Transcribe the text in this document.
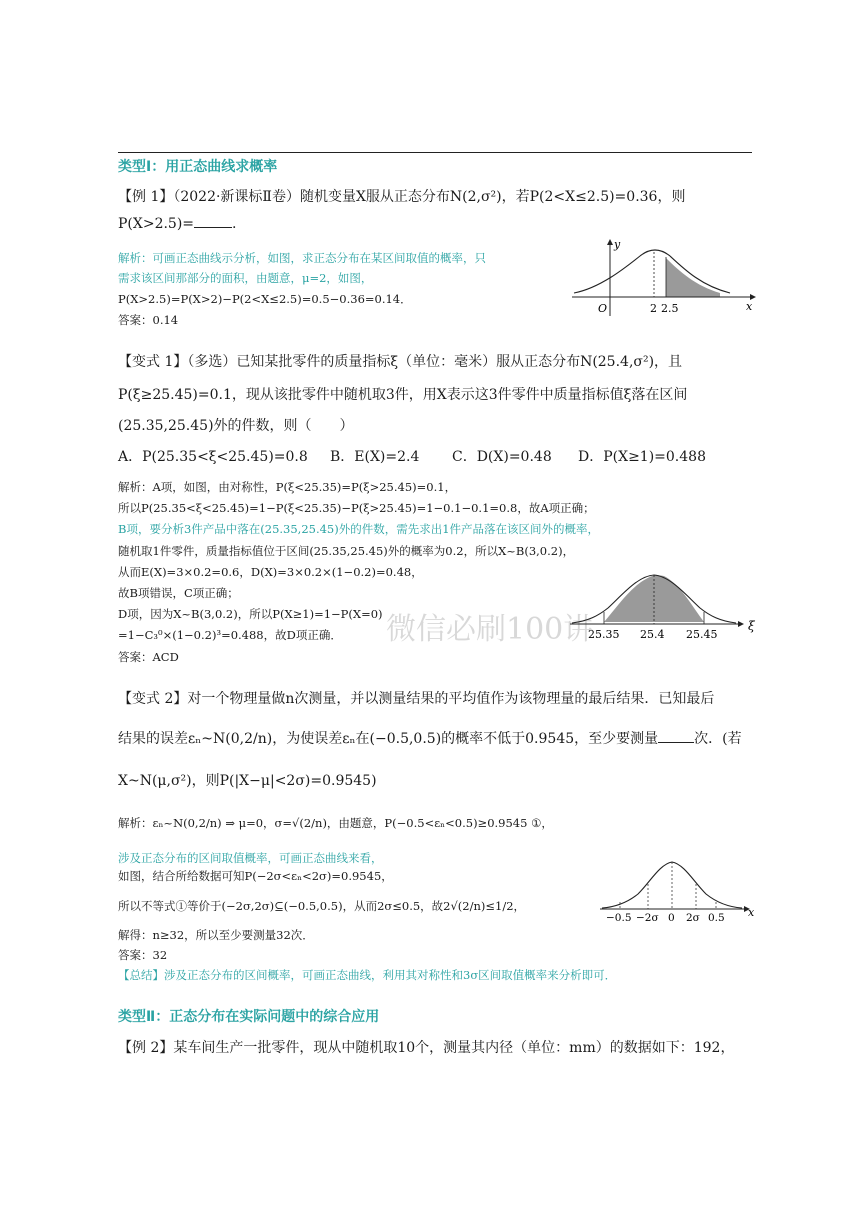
类型Ⅰ：用正态曲线求概率
【例 1】（2022·新课标Ⅱ卷）随机变量X服从正态分布N(2,σ²)，若P(2<X≤2.5)=0.36，则
P(X>2.5)=	.
解析：可画正态曲线示分析，如图，求正态分布在某区间取值的概率，只
需求该区间那部分的面积，由题意，μ=2，如图，
P(X>2.5)=P(X>2)−P(2<X≤2.5)=0.5−0.36=0.14．
答案：0.14
y
x
O	2 2.5
【变式 1】（多选）已知某批零件的质量指标ξ（单位：毫米）服从正态分布N(25.4,σ²)，且
P(ξ≥25.45)=0.1，现从该批零件中随机取3件，用X表示这3件零件中质量指标值ξ落在区间
(25.35,25.45)外的件数，则（　　）
A．P(25.35<ξ<25.45)=0.8 B．E(X)=2.4 C．D(X)=0.48 D．P(X≥1)=0.488
解析：A项，如图，由对称性，P(ξ<25.35)=P(ξ>25.45)=0.1，
所以P(25.35<ξ<25.45)=1−P(ξ<25.35)−P(ξ>25.45)=1−0.1−0.1=0.8，故A项正确；
B项，要分析3件产品中落在(25.35,25.45)外的件数，需先求出1件产品落在该区间外的概率，
随机取1件零件，质量指标值位于区间(25.35,25.45)外的概率为0.2，所以X~B(3,0.2)，
从而E(X)=3×0.2=0.6，D(X)=3×0.2×(1−0.2)=0.48，
故B项错误，C项正确；
D项，因为X~B(3,0.2)，所以P(X≥1)=1−P(X=0)
=1−C₃⁰×(1−0.2)³=0.488，故D项正确．
答案：ACD
微信必刷100讲	ξ
25.35 25.4 25.45
【变式 2】对一个物理量做n次测量，并以测量结果的平均值作为该物理量的最后结果．已知最后
结果的误差εₙ~N(0,2/n)，为使误差εₙ在(−0.5,0.5)的概率不低于0.9545，至少要测量	次．(若
X~N(μ,σ²)，则P(|X−μ|<2σ)=0.9545)
解析：εₙ~N(0,2/n) ⇒ μ=0，σ=√(2/n)，由题意，P(−0.5<εₙ<0.5)≥0.9545 ①，
涉及正态分布的区间取值概率，可画正态曲线来看，
如图，结合所给数据可知P(−2σ<εₙ<2σ)=0.9545，
所以不等式①等价于(−2σ,2σ)⊆(−0.5,0.5)，从而2σ≤0.5，故2√(2/n)≤1/2，
解得：n≥32，所以至少要测量32次．
答案：32
【总结】涉及正态分布的区间概率，可画正态曲线，利用其对称性和3σ区间取值概率来分析即可．
x
−0.5 −2σ 0 2σ 0.5
类型Ⅱ：正态分布在实际问题中的综合应用
【例 2】某车间生产一批零件，现从中随机取10个，测量其内径（单位：mm）的数据如下：192，
